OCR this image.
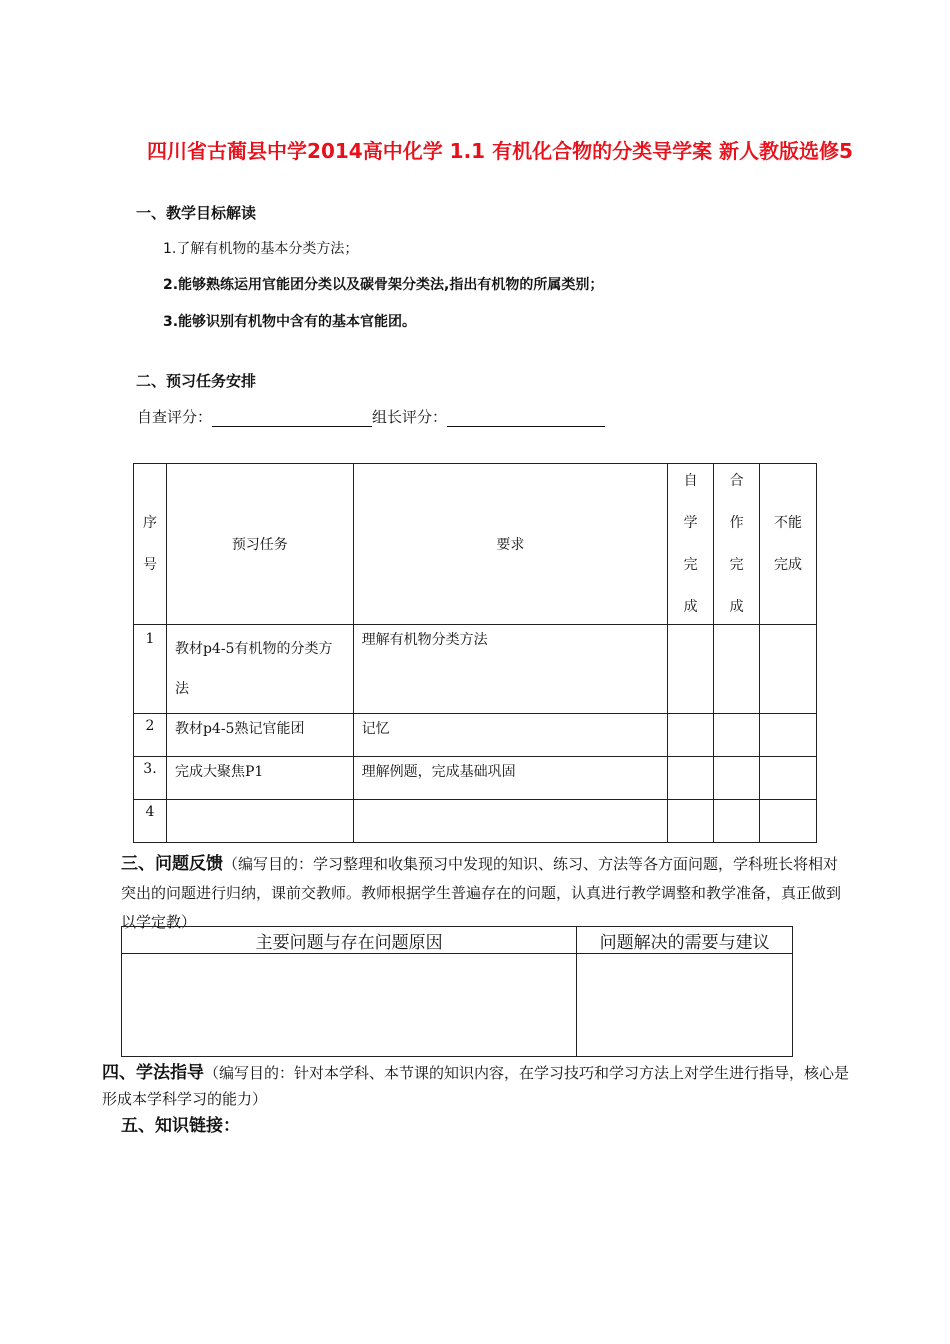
四川省古蔺县中学2014高中化学 1.1 有机化合物的分类导学案 新人教版选修5
一、教学目标解读
1.了解有机物的基本分类方法；
2.能够熟练运用官能团分类以及碳骨架分类法,指出有机物的所属类别；
3.能够识别有机物中含有的基本官能团。
二、预习任务安排
自查评分：	组长评分：
序
号	预习任务	要求	自
学
完
成	合
作
完
成	不能
完成

1	教材p4-5有机物的分类方法	理解有机物分类方法			
2	教材p4-5熟记官能团	记忆			
3.	完成大聚焦P1	理解例题，完成基础巩固			
4					
三、问题反馈（编写目的：学习整理和收集预习中发现的知识、练习、方法等各方面问题，学科班长将相对突出的问题进行归纳，课前交教师。教师根据学生普遍存在的问题，认真进行教学调整和教学准备，真正做到以学定教）
主要问题与存在问题原因	问题解决的需要与建议

四、学法指导（编写目的：针对本学科、本节课的知识内容，在学习技巧和学习方法上对学生进行指导，核心是形成本学科学习的能力）
五、知识链接：
